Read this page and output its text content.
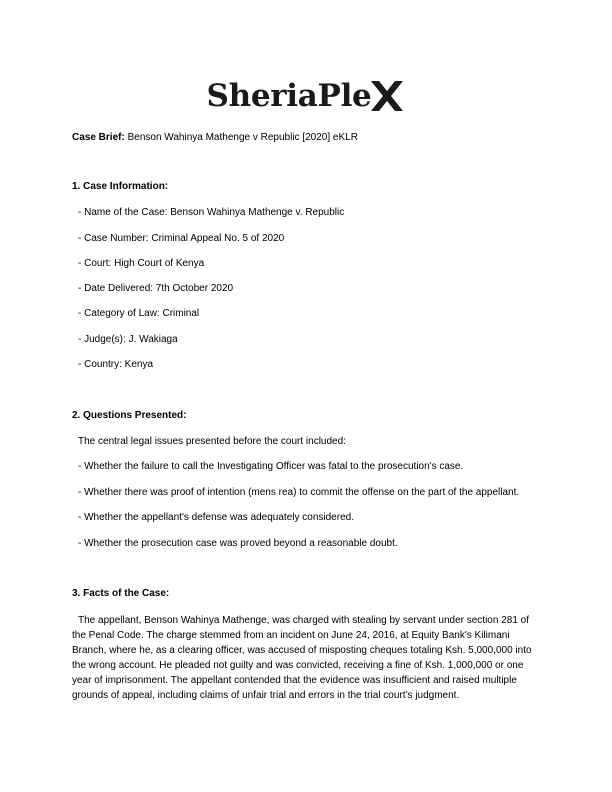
SheriaPle
Case Brief: Benson Wahinya Mathenge v Republic [2020] eKLR
1. Case Information:
- Name of the Case: Benson Wahinya Mathenge v. Republic
- Case Number: Criminal Appeal No. 5 of 2020
- Court: High Court of Kenya
- Date Delivered: 7th October 2020
- Category of Law: Criminal
- Judge(s): J. Wakiaga
- Country: Kenya
2. Questions Presented:
The central legal issues presented before the court included:
- Whether the failure to call the Investigating Officer was fatal to the prosecution's case.
- Whether there was proof of intention (mens rea) to commit the offense on the part of the appellant.
- Whether the appellant's defense was adequately considered.
- Whether the prosecution case was proved beyond a reasonable doubt.
3. Facts of the Case:
The appellant, Benson Wahinya Mathenge, was charged with stealing by servant under section 281 of the Penal Code. The charge stemmed from an incident on June 24, 2016, at Equity Bank's Kilimani Branch, where he, as a clearing officer, was accused of misposting cheques totaling Ksh. 5,000,000 into the wrong account. He pleaded not guilty and was convicted, receiving a fine of Ksh. 1,000,000 or one year of imprisonment. The appellant contended that the evidence was insufficient and raised multiple grounds of appeal, including claims of unfair trial and errors in the trial court’s judgment.
